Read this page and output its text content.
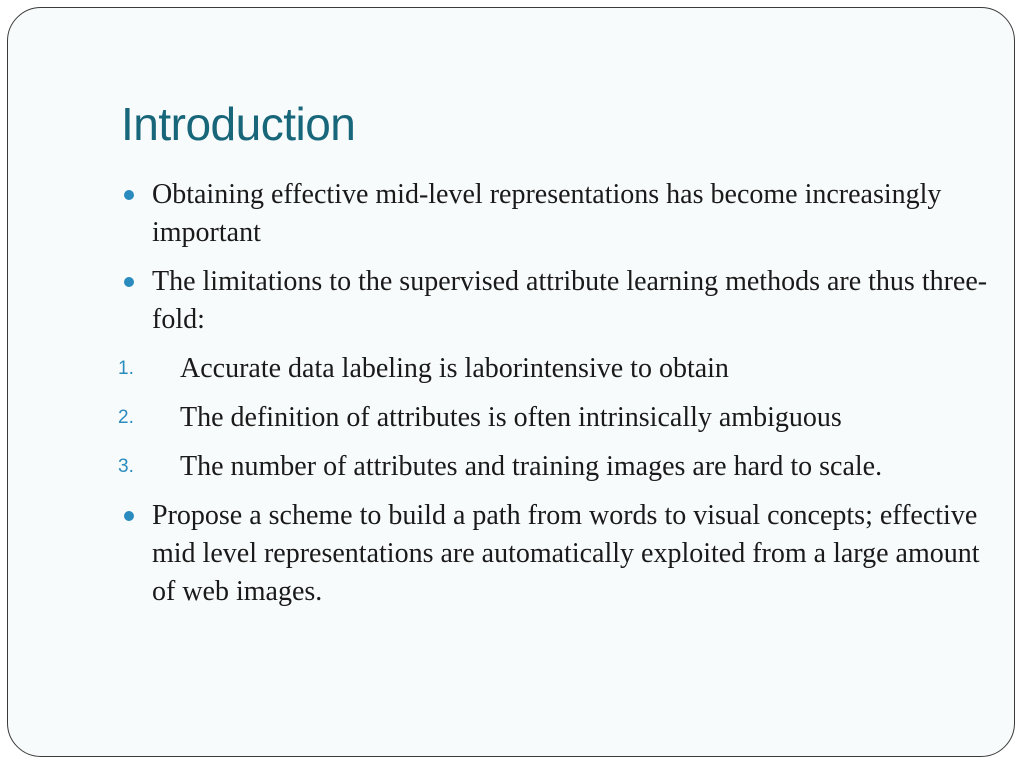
Introduction
Obtaining effective mid-level representations has become increasingly important
The limitations to the supervised attribute learning methods are thus three-fold:
1.	Accurate data labeling is laborintensive to obtain
2.	The definition of attributes is often intrinsically ambiguous
3.	The number of attributes and training images are hard to scale.
Propose a scheme to build a path from words to visual concepts; effective mid level representations are automatically exploited from a large amount of web images.
